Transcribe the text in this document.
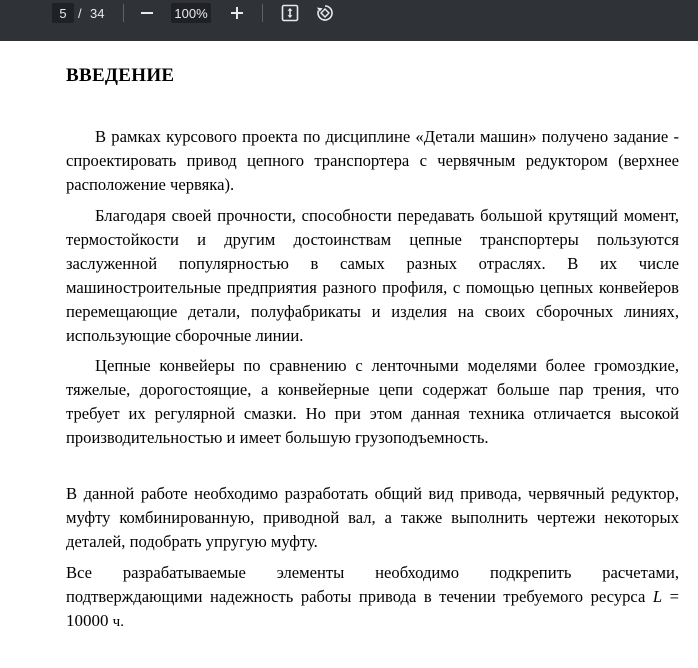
5 / 34	100%
ВВЕДЕНИЕ
В рамках курсового проекта по дисциплине «Детали машин» получено задание - спроектировать привод цепного транспортера с червячным редуктором (верхнее расположение червяка).
Благодаря своей прочности, способности передавать большой крутящий момент, термостойкости и другим достоинствам цепные транспортеры пользуются заслуженной популярностью в самых разных отраслях. В их числе машиностроительные предприятия разного профиля, с помощью цепных конвейеров перемещающие детали, полуфабрикаты и изделия на своих сборочных линиях, использующие сборочные линии.
Цепные конвейеры по сравнению с ленточными моделями более громоздкие, тяжелые, дорогостоящие, а конвейерные цепи содержат больше пар трения, что требует их регулярной смазки. Но при этом данная техника отличается высокой производительностью и имеет большую грузоподъемность.
В данной работе необходимо разработать общий вид привода, червячный редуктор, муфту комбинированную, приводной вал, а также выполнить чертежи некоторых деталей, подобрать упругую муфту.
Все разрабатываемые элементы необходимо подкрепить расчетами, подтверждающими надежность работы привода в течении требуемого ресурса L = 10000 ч.
